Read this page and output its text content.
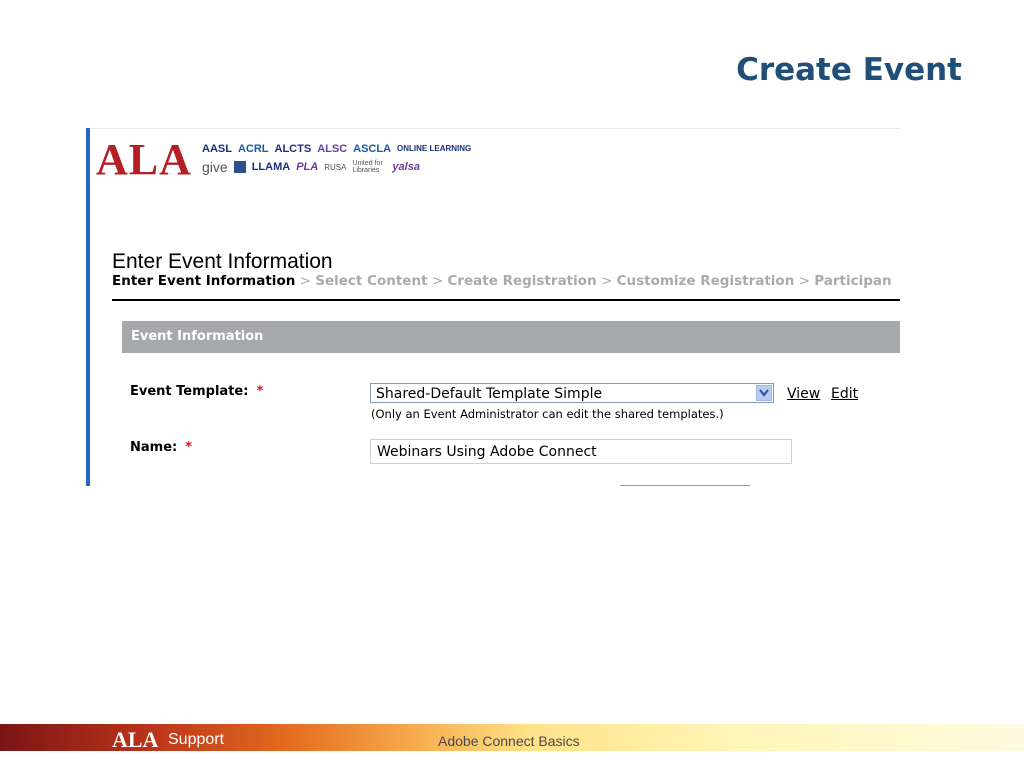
Create Event
ALA AASL ACRL ALCTS ALSC ASCLA ONLINE LEARNING
give LLAMA PLA RUSA United for Libraries	yalsa
Enter Event Information
Enter Event Information > Select Content > Create Registration > Customize Registration > Participan
Event Information
Event Template: *	Shared-Default Template Simple	View Edit
(Only an Event Administrator can edit the shared templates.)
Name: *
Webinars Using Adobe Connect
ALA Support	Adobe Connect Basics
